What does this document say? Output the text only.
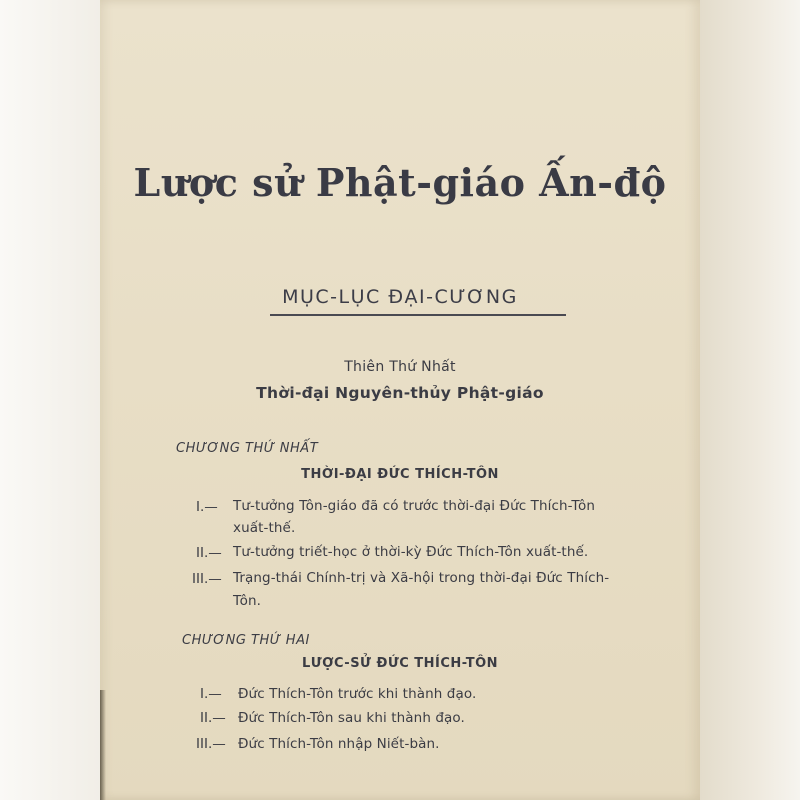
Lược sử Phật-giáo Ấn-độ
MỤC-LỤC ĐẠI-CƯƠNG
Thiên Thứ Nhất
Thời-đại Nguyên-thủy Phật-giáo
CHƯƠNG THỨ NHẤT
THỜI-ĐẠI ĐỨC THÍCH-TÔN
I.— Tư-tưởng Tôn-giáo đã có trước thời-đại Đức Thích-Tôn
xuất-thế.
II.— Tư-tưởng triết-học ở thời-kỳ Đức Thích-Tôn xuất-thế.
III.— Trạng-thái Chính-trị và Xã-hội trong thời-đại Đức Thích-
Tôn.
CHƯƠNG THỨ HAI
LƯỢC-SỬ ĐỨC THÍCH-TÔN
I.— Đức Thích-Tôn trước khi thành đạo.
II.— Đức Thích-Tôn sau khi thành đạo.
III.— Đức Thích-Tôn nhập Niết-bàn.
